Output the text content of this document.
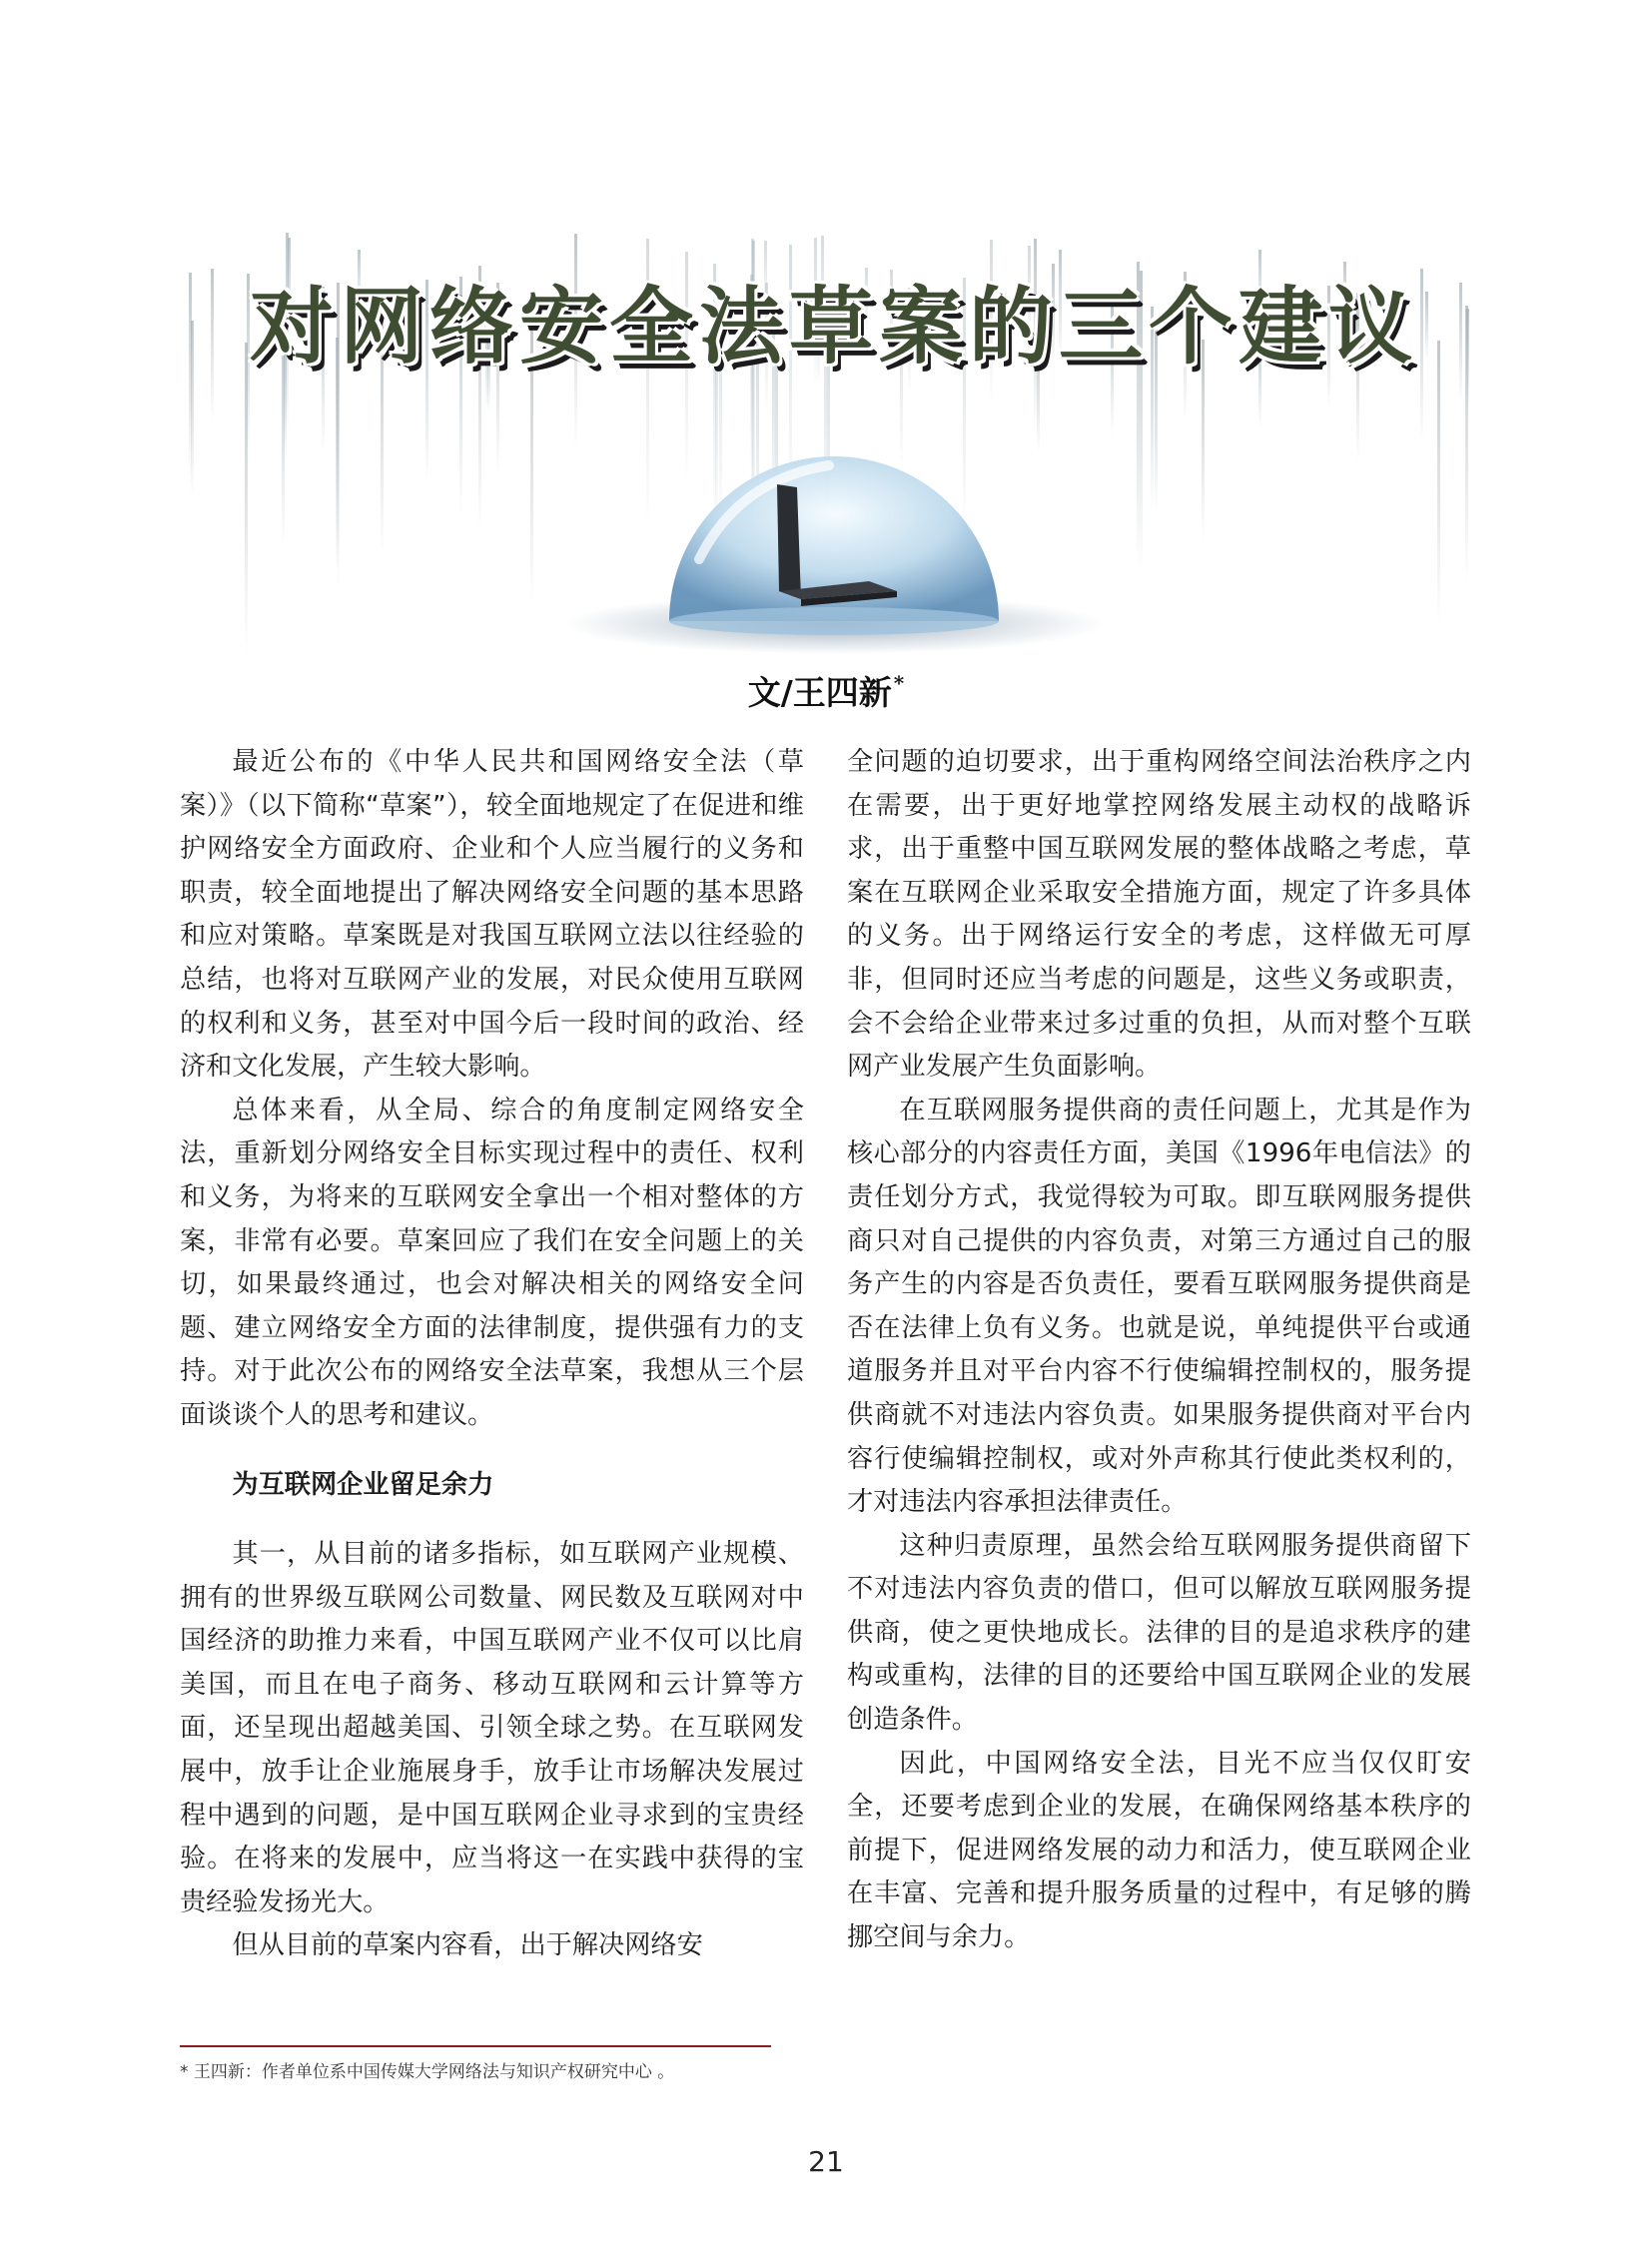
对网络安全法草案的三个建议
文/王四新 *

最近公布的《中华人民共和国网络安全法（草案）》（以下简称“草案”），较全面地规定了在促进和维护网络安全方面政府、企业和个人应当履行的义务和职责，较全面地提出了解决网络安全问题的基本思路和应对策略。草案既是对我国互联网立法以往经验的总结，也将对互联网产业的发展，对民众使用互联网的权利和义务，甚至对中国今后一段时间的政治、经济和文化发展，产生较大影响。

总体来看，从全局、综合的角度制定网络安全法，重新划分网络安全目标实现过程中的责任、权利和义务，为将来的互联网安全拿出一个相对整体的方案，非常有必要。草案回应了我们在安全问题上的关切，如果最终通过，也会对解决相关的网络安全问题、建立网络安全方面的法律制度，提供强有力的支持。对于此次公布的网络安全法草案，我想从三个层面谈谈个人的思考和建议。

为互联网企业留足余力

其一，从目前的诸多指标，如互联网产业规模、拥有的世界级互联网公司数量、网民数及互联网对中国经济的助推力来看，中国互联网产业不仅可以比肩美国，而且在电子商务、移动互联网和云计算等方面，还呈现出超越美国、引领全球之势。在互联网发展中，放手让企业施展身手，放手让市场解决发展过程中遇到的问题，是中国互联网企业寻求到的宝贵经验。在将来的发展中，应当将这一在实践中获得的宝贵经验发扬光大。

但从目前的草案内容看，出于解决网络安

全问题的迫切要求，出于重构网络空间法治秩序之内在需要，出于更好地掌控网络发展主动权的战略诉求，出于重整中国互联网发展的整体战略之考虑，草案在互联网企业采取安全措施方面，规定了许多具体的义务。出于网络运行安全的考虑，这样做无可厚非，但同时还应当考虑的问题是，这些义务或职责，会不会给企业带来过多过重的负担，从而对整个互联网产业发展产生负面影响。

在互联网服务提供商的责任问题上，尤其是作为核心部分的内容责任方面，美国《1996年电信法》的责任划分方式，我觉得较为可取。即互联网服务提供商只对自己提供的内容负责，对第三方通过自己的服务产生的内容是否负责任，要看互联网服务提供商是否在法律上负有义务。也就是说，单纯提供平台或通道服务并且对平台内容不行使编辑控制权的，服务提供商就不对违法内容负责。如果服务提供商对平台内容行使编辑控制权，或对外声称其行使此类权利的，才对违法内容承担法律责任。

这种归责原理，虽然会给互联网服务提供商留下不对违法内容负责的借口，但可以解放互联网服务提供商，使之更快地成长。法律的目的是追求秩序的建构或重构，法律的目的还要给中国互联网企业的发展创造条件。

因此，中国网络安全法，目光不应当仅仅盯安全，还要考虑到企业的发展，在确保网络基本秩序的前提下，促进网络发展的动力和活力，使互联网企业在丰富、完善和提升服务质量的过程中，有足够的腾挪空间与余力。

* 王四新：作者单位系中国传媒大学网络法与知识产权研究中心 。
21
